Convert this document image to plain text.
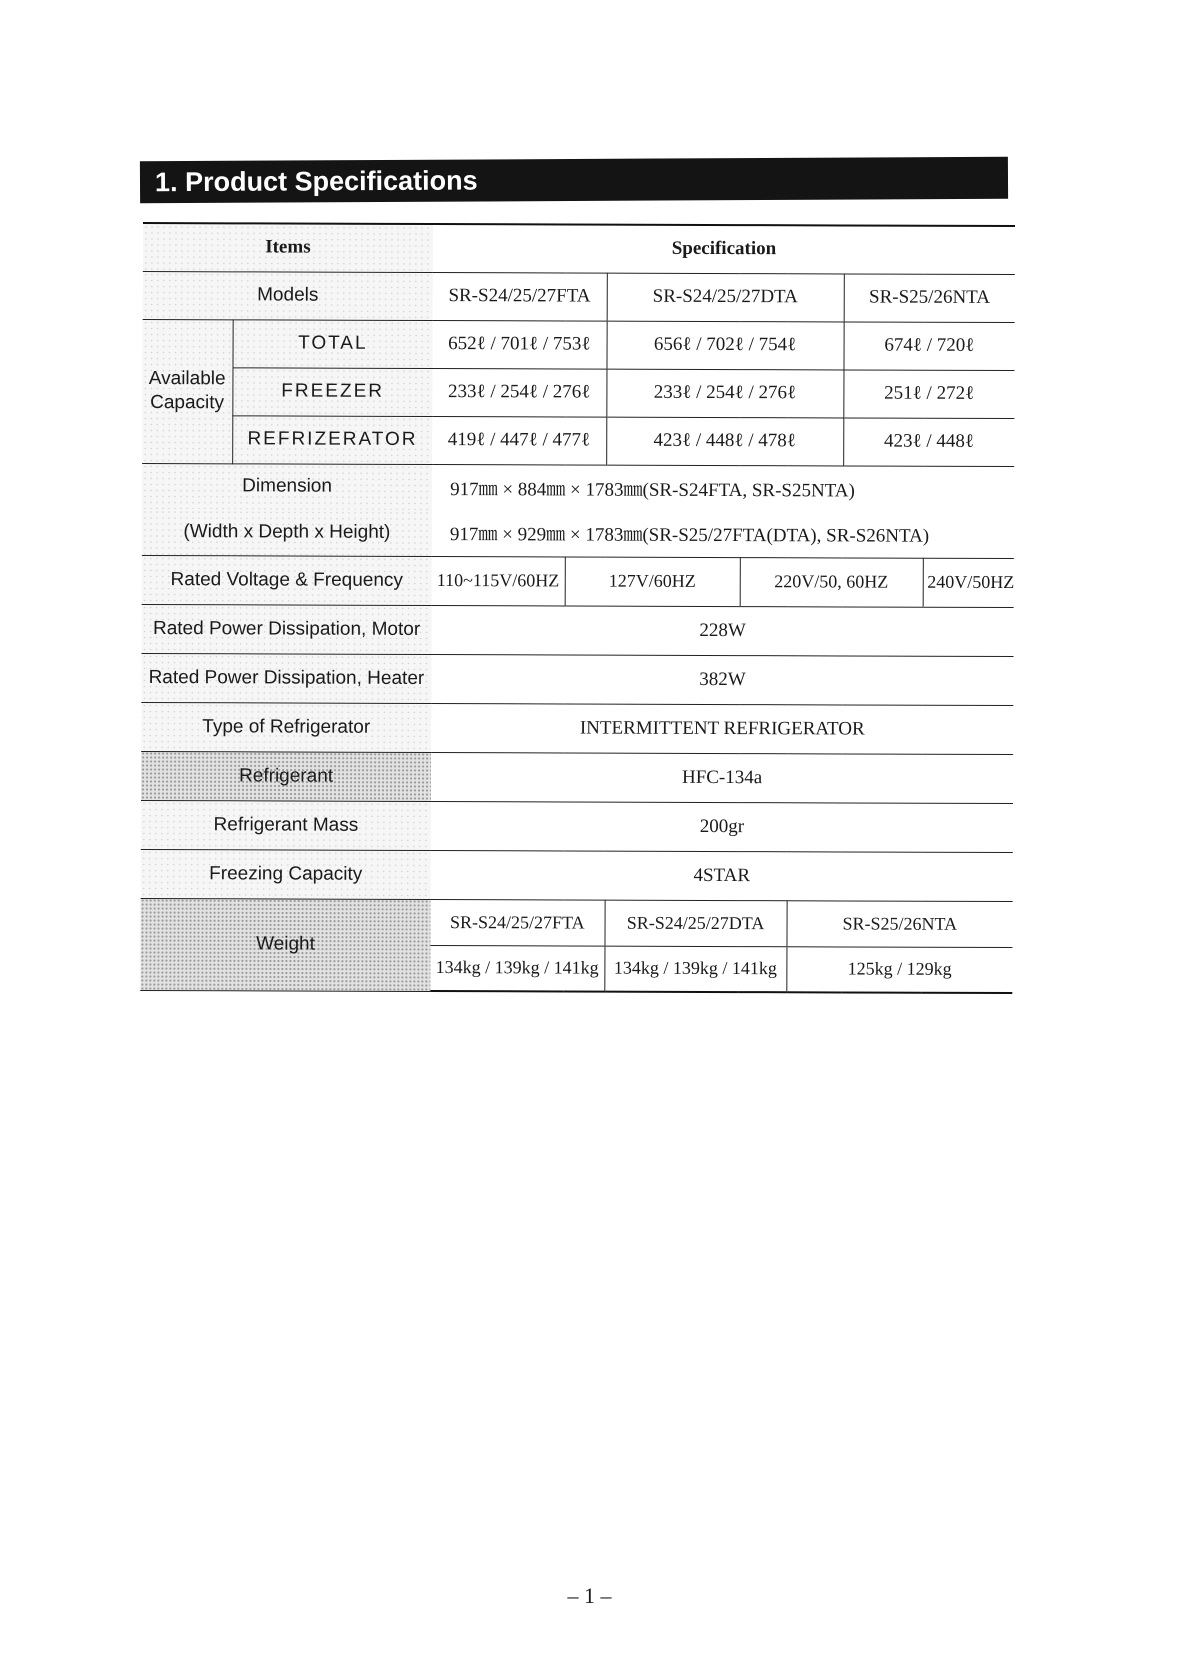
1. Product Specifications
Items		Specification						
Models		SR-S24/25/27FTA		SR-S24/25/27DTA			SR-S25/26NTA	
Available Capacity	TOTAL	652ℓ / 701ℓ / 753ℓ		656ℓ / 702ℓ / 754ℓ			674ℓ / 720ℓ	
	FREEZER	233ℓ / 254ℓ / 276ℓ		233ℓ / 254ℓ / 276ℓ			251ℓ / 272ℓ	
	REFRIZERATOR	419ℓ / 447ℓ / 477ℓ		423ℓ / 448ℓ / 478ℓ			423ℓ / 448ℓ	
Dimension		917㎜ × 884㎜ × 1783㎜(SR-S24FTA, SR-S25NTA)						
(Width x Depth x Height)		917㎜ × 929㎜ × 1783㎜(SR-S25/27FTA(DTA), SR-S26NTA)						
Rated Voltage & Frequency		110~115V/60HZ	127V/60HZ		220V/50, 60HZ			240V/50HZ
Rated Power Dissipation, Motor		228W						
Rated Power Dissipation, Heater		382W						
Type of Refrigerator		INTERMITTENT REFRIGERATOR						
Refrigerant		HFC-134a						
Refrigerant Mass		200gr						
Freezing Capacity		4STAR						
Weight		SR-S24/25/27FTA		SR-S24/25/27DTA		SR-S25/26NTA		
		134kg / 139kg / 141kg		134kg / 139kg / 141kg		125kg / 129kg		
– 1 –
